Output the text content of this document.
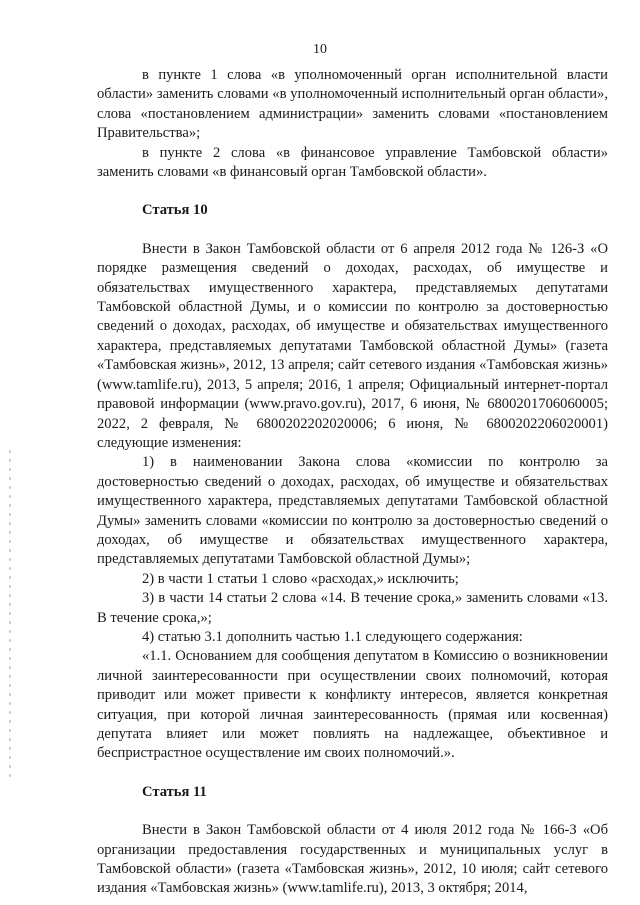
10

в пункте 1 слова «в уполномоченный орган исполнительной власти области» заменить словами «в уполномоченный исполнительный орган области», слова «постановлением администрации» заменить словами «постановлением Правительства»;

в пункте 2 слова «в финансовое управление Тамбовской области» заменить словами «в финансовый орган Тамбовской области».

Статья 10

Внести в Закон Тамбовской области от 6 апреля 2012 года № 126-З «О порядке размещения сведений о доходах, расходах, об имуществе и обязательствах имущественного характера, представляемых депутатами Тамбовской областной Думы, и о комиссии по контролю за достоверностью сведений о доходах, расходах, об имуществе и обязательствах имущественного характера, представляемых депутатами Тамбовской областной Думы» (газета «Тамбовская жизнь», 2012, 13 апреля; сайт сетевого издания «Тамбовская жизнь» (www.tamlife.ru), 2013, 5 апреля; 2016, 1 апреля; Официальный интернет-портал правовой информации (www.pravo.gov.ru), 2017, 6 июня, № 6800201706060005; 2022, 2 февраля, № 6800202202020006; 6 июня, № 6800202206020001) следующие изменения:

1) в наименовании Закона слова «комиссии по контролю за достоверностью сведений о доходах, расходах, об имуществе и обязательствах имущественного характера, представляемых депутатами Тамбовской областной Думы» заменить словами «комиссии по контролю за достоверностью сведений о доходах, об имуществе и обязательствах имущественного характера, представляемых депутатами Тамбовской областной Думы»;

2) в части 1 статьи 1 слово «расходах,» исключить;

3) в части 14 статьи 2 слова «14. В течение срока,» заменить словами «13. В течение срока,»;

4) статью 3.1 дополнить частью 1.1 следующего содержания:

«1.1. Основанием для сообщения депутатом в Комиссию о возникновении личной заинтересованности при осуществлении своих полномочий, которая приводит или может привести к конфликту интересов, является конкретная ситуация, при которой личная заинтересованность (прямая или косвенная) депутата влияет или может повлиять на надлежащее, объективное и беспристрастное осуществление им своих полномочий.».

Статья 11

Внести в Закон Тамбовской области от 4 июля 2012 года № 166-З «Об организации предоставления государственных и муниципальных услуг в Тамбовской области» (газета «Тамбовская жизнь», 2012, 10 июля; сайт сетевого издания «Тамбовская жизнь» (www.tamlife.ru), 2013, 3 октября; 2014,
